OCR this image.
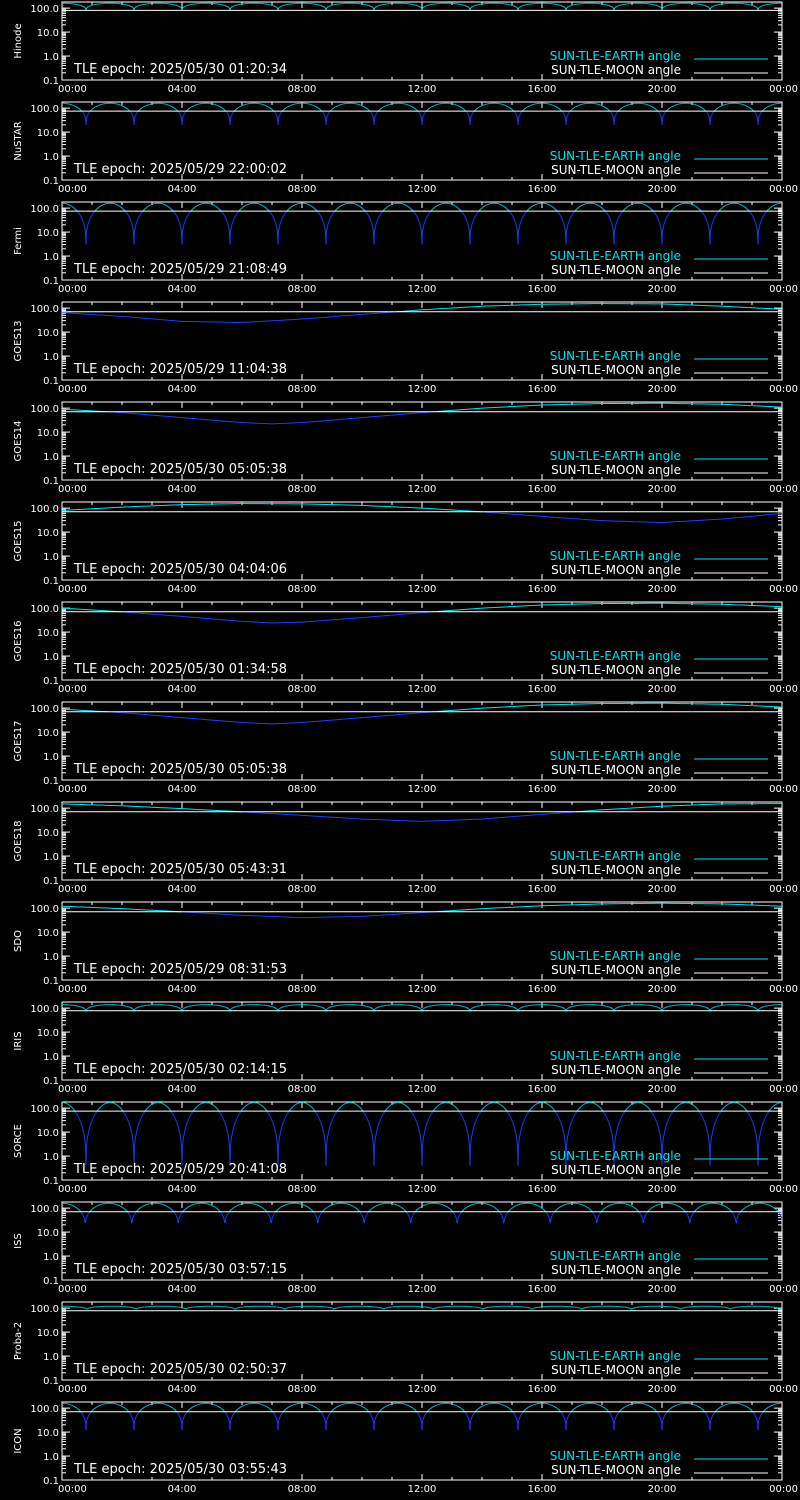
100.0
10.0
1.0
0.1
00:00	04:00	08:00	12:00	16:00	20:00	00:00
Hinode
TLE epoch: 2025/05/30 01:20:34
SUN-TLE-EARTH angle
SUN-TLE-MOON angle
100.0
10.0
1.0
0.1
00:00	04:00	08:00	12:00	16:00	20:00	00:00
NuSTAR
TLE epoch: 2025/05/29 22:00:02
SUN-TLE-EARTH angle
SUN-TLE-MOON angle
100.0
10.0
1.0
0.1
00:00	04:00	08:00	12:00	16:00	20:00	00:00
Fermi
TLE epoch: 2025/05/29 21:08:49
SUN-TLE-EARTH angle
SUN-TLE-MOON angle
100.0
10.0
1.0
0.1
00:00	04:00	08:00	12:00	16:00	20:00	00:00
GOES13
TLE epoch: 2025/05/29 11:04:38
SUN-TLE-EARTH angle
SUN-TLE-MOON angle
100.0
10.0
1.0
0.1
00:00	04:00	08:00	12:00	16:00	20:00	00:00
GOES14
TLE epoch: 2025/05/30 05:05:38
SUN-TLE-EARTH angle
SUN-TLE-MOON angle
100.0
10.0
1.0
0.1
00:00	04:00	08:00	12:00	16:00	20:00	00:00
GOES15
TLE epoch: 2025/05/30 04:04:06
SUN-TLE-EARTH angle
SUN-TLE-MOON angle
100.0
10.0
1.0
0.1
00:00	04:00	08:00	12:00	16:00	20:00	00:00
GOES16
TLE epoch: 2025/05/30 01:34:58
SUN-TLE-EARTH angle
SUN-TLE-MOON angle
100.0
10.0
1.0
0.1
00:00	04:00	08:00	12:00	16:00	20:00	00:00
GOES17
TLE epoch: 2025/05/30 05:05:38
SUN-TLE-EARTH angle
SUN-TLE-MOON angle
100.0
10.0
1.0
0.1
00:00	04:00	08:00	12:00	16:00	20:00	00:00
GOES18
TLE epoch: 2025/05/30 05:43:31
SUN-TLE-EARTH angle
SUN-TLE-MOON angle
100.0
10.0
1.0
0.1
00:00	04:00	08:00	12:00	16:00	20:00	00:00
SDO
TLE epoch: 2025/05/29 08:31:53
SUN-TLE-EARTH angle
SUN-TLE-MOON angle
100.0
10.0
1.0
0.1
00:00	04:00	08:00	12:00	16:00	20:00	00:00
IRIS
TLE epoch: 2025/05/30 02:14:15
SUN-TLE-EARTH angle
SUN-TLE-MOON angle
100.0
10.0
1.0
0.1
00:00	04:00	08:00	12:00	16:00	20:00	00:00
SORCE
TLE epoch: 2025/05/29 20:41:08
SUN-TLE-EARTH angle
SUN-TLE-MOON angle
100.0
10.0
1.0
0.1
00:00	04:00	08:00	12:00	16:00	20:00	00:00
ISS
TLE epoch: 2025/05/30 03:57:15
SUN-TLE-EARTH angle
SUN-TLE-MOON angle
100.0
10.0
1.0
0.1
00:00	04:00	08:00	12:00	16:00	20:00	00:00
Proba-2
TLE epoch: 2025/05/30 02:50:37
SUN-TLE-EARTH angle
SUN-TLE-MOON angle
100.0
10.0
1.0
0.1
00:00	04:00	08:00	12:00	16:00	20:00	00:00
ICON
TLE epoch: 2025/05/30 03:55:43
SUN-TLE-EARTH angle
SUN-TLE-MOON angle
